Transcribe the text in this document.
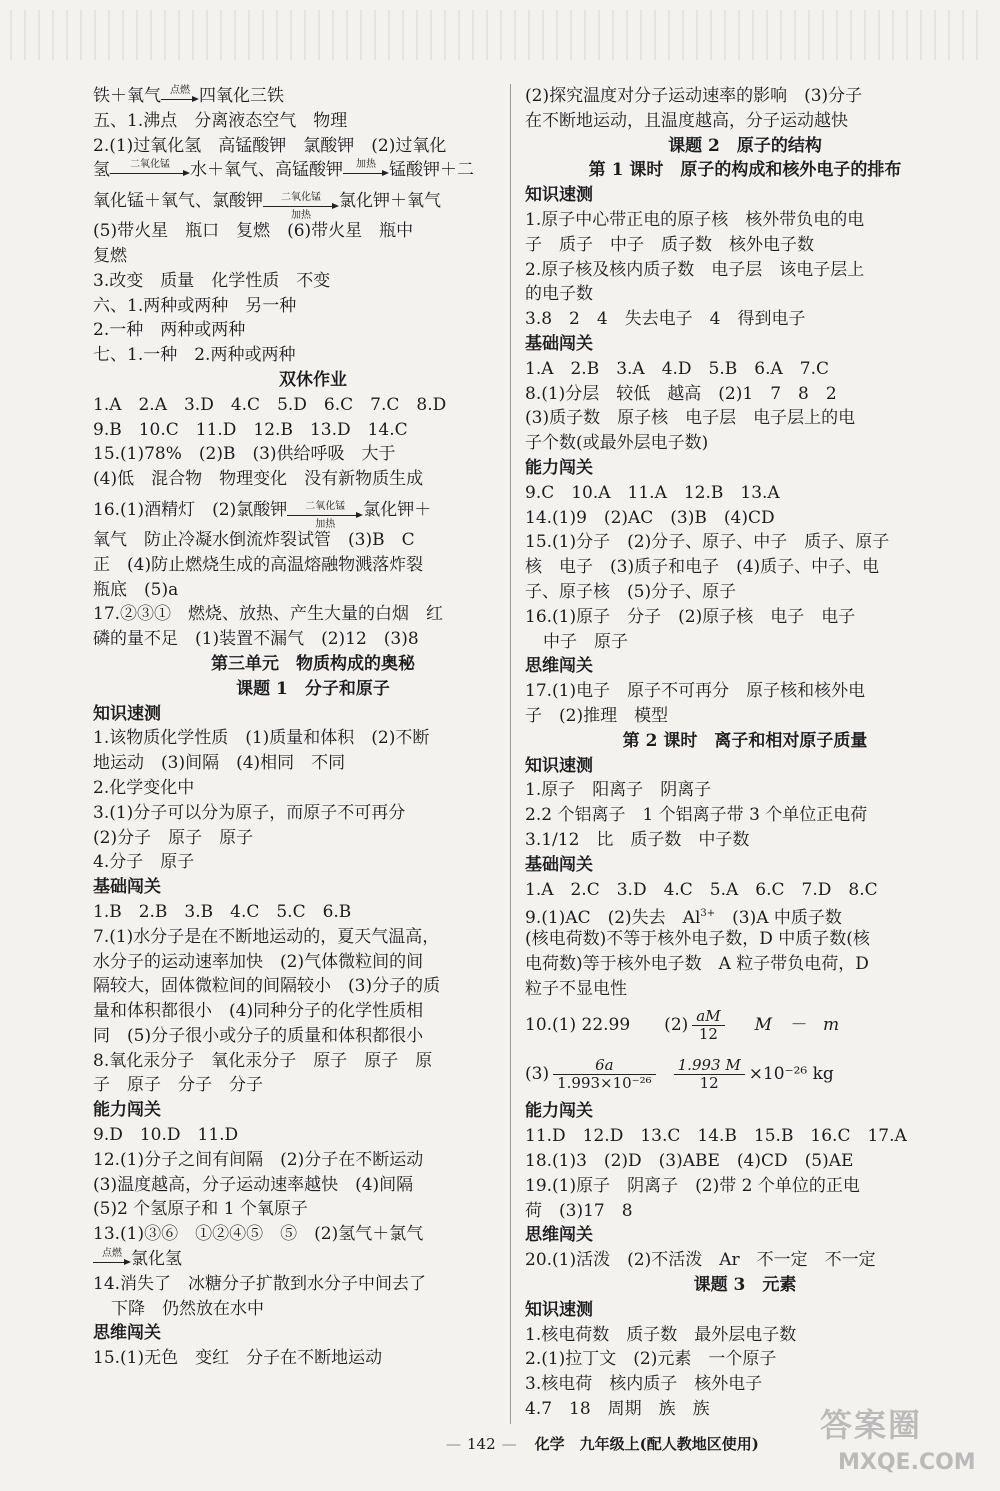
铁＋氧气 点燃 四氧化三铁
五、1.沸点　分离液态空气　物理
2.(1)过氧化氢　高锰酸钾　氯酸钾　(2)过氧化
氢	二氧化锰	水＋氧气、高锰酸钾	加热 锰酸钾＋二
氧化锰＋氧气、氯酸钾	二氧化锰
加热
氯化钾＋氧气
(5)带火星　瓶口　复燃　(6)带火星　瓶中
复燃
3.改变　质量　化学性质　不变
六、1.两种或两种　另一种
2.一种　两种或两种
七、1.一种　2.两种或两种
双休作业
1.A　2.A　3.D　4.C　5.D　6.C　7.C　8.D
9.B　10.C　11.D　12.B　13.D　14.C
15.(1)78%　(2)B　(3)供给呼吸　大于
(4)低　混合物　物理变化　没有新物质生成
16.(1)酒精灯　(2)氯酸钾	二氧化锰
加热
氯化钾＋
氧气　防止冷凝水倒流炸裂试管　(3)B　C
正　(4)防止燃烧生成的高温熔融物溅落炸裂
瓶底　(5)a
17.②③①　燃烧、放热、产生大量的白烟　红
磷的量不足　(1)装置不漏气　(2)12　(3)8
第三单元　物质构成的奥秘
课题 1　分子和原子
知识速测
1.该物质化学性质　(1)质量和体积　(2)不断
地运动　(3)间隔　(4)相同　不同
2.化学变化中
3.(1)分子可以分为原子，而原子不可再分
(2)分子　原子　原子
4.分子　原子
基础闯关
1.B　2.B　3.B　4.C　5.C　6.B
7.(1)水分子是在不断地运动的，夏天气温高，
水分子的运动速率加快　(2)气体微粒间的间
隔较大，固体微粒间的间隔较小　(3)分子的质
量和体积都很小　(4)同种分子的化学性质相
同　(5)分子很小或分子的质量和体积都很小
8.氧化汞分子　氧化汞分子　原子　原子　原
子　原子　分子　分子
能力闯关
9.D　10.D　11.D
12.(1)分子之间有间隔　(2)分子在不断运动
(3)温度越高，分子运动速率越快　(4)间隔
(5)2 个氢原子和 1 个氧原子
13.(1)③⑥　①②④⑤　⑤　(2)氢气＋氯气
点燃 氯化氢
14.消失了　冰糖分子扩散到水分子中间去了
下降　仍然放在水中
思维闯关
15.(1)无色　变红　分子在不断地运动
(2)探究温度对分子运动速率的影响　(3)分子
在不断地运动，且温度越高，分子运动越快
课题 2　原子的结构
第 1 课时　原子的构成和核外电子的排布
知识速测
1.原子中心带正电的原子核　核外带负电的电
子　质子　中子　质子数　核外电子数
2.原子核及核内质子数　电子层　该电子层上
的电子数
3.8　2　4　失去电子　4　得到电子
基础闯关
1.A　2.B　3.A　4.D　5.B　6.A　7.C
8.(1)分层　较低　越高　(2)1　7　8　2
(3)质子数　原子核　电子层　电子层上的电
子个数(或最外层电子数)
能力闯关
9.C　10.A　11.A　12.B　13.A
14.(1)9　(2)AC　(3)B　(4)CD
15.(1)分子　(2)分子、原子、中子　质子、原子
核　电子　(3)质子和电子　(4)质子、中子、电
子、原子核　(5)分子、原子
16.(1)原子　分子　(2)原子核　电子　电子
中子　原子
思维闯关
17.(1)电子　原子不可再分　原子核和核外电
子　(2)推理　模型
第 2 课时　离子和相对原子质量
知识速测
1.原子　阳离子　阴离子
2.2 个铝离子　1 个铝离子带 3 个单位正电荷
3.1/12　比　质子数　中子数
基础闯关
1.A　2.C　3.D　4.C　5.A　6.C　7.D　8.C
9.(1)AC　(2)失去　$Al^{3+}$　(3)A 中质子数
(核电荷数)不等于核外电子数，D 中质子数(核
电荷数)等于核外电子数　A 粒子带负电荷，D
粒子不显电性
10.(1) 22.99　　$(2) \frac{aM}{12}$ M　－　m
$(3) \frac{6a}{\text{1.993×10⁻²⁶}} \frac{1.993 M}{12} \times 10^{-26}$ kg
能力闯关
11.D　12.D　13.C　14.B　15.B　16.C　17.A
18.(1)3　(2)D　(3)ABE　(4)CD　(5)AE
19.(1)原子　阴离子　(2)带 2 个单位的正电
荷　(3)17　8
思维闯关
20.(1)活泼　(2)不活泼　Ar　不一定　不一定
课题 3　元素
知识速测
1.核电荷数　质子数　最外层电子数
2.(1)拉丁文　(2)元素　一个原子
3.核电荷　核内质子　核外电子
4.7　18　周期　族　族
— 142 — 化学　九年级上(配人教地区使用) 答案圈
MXQE.COM
